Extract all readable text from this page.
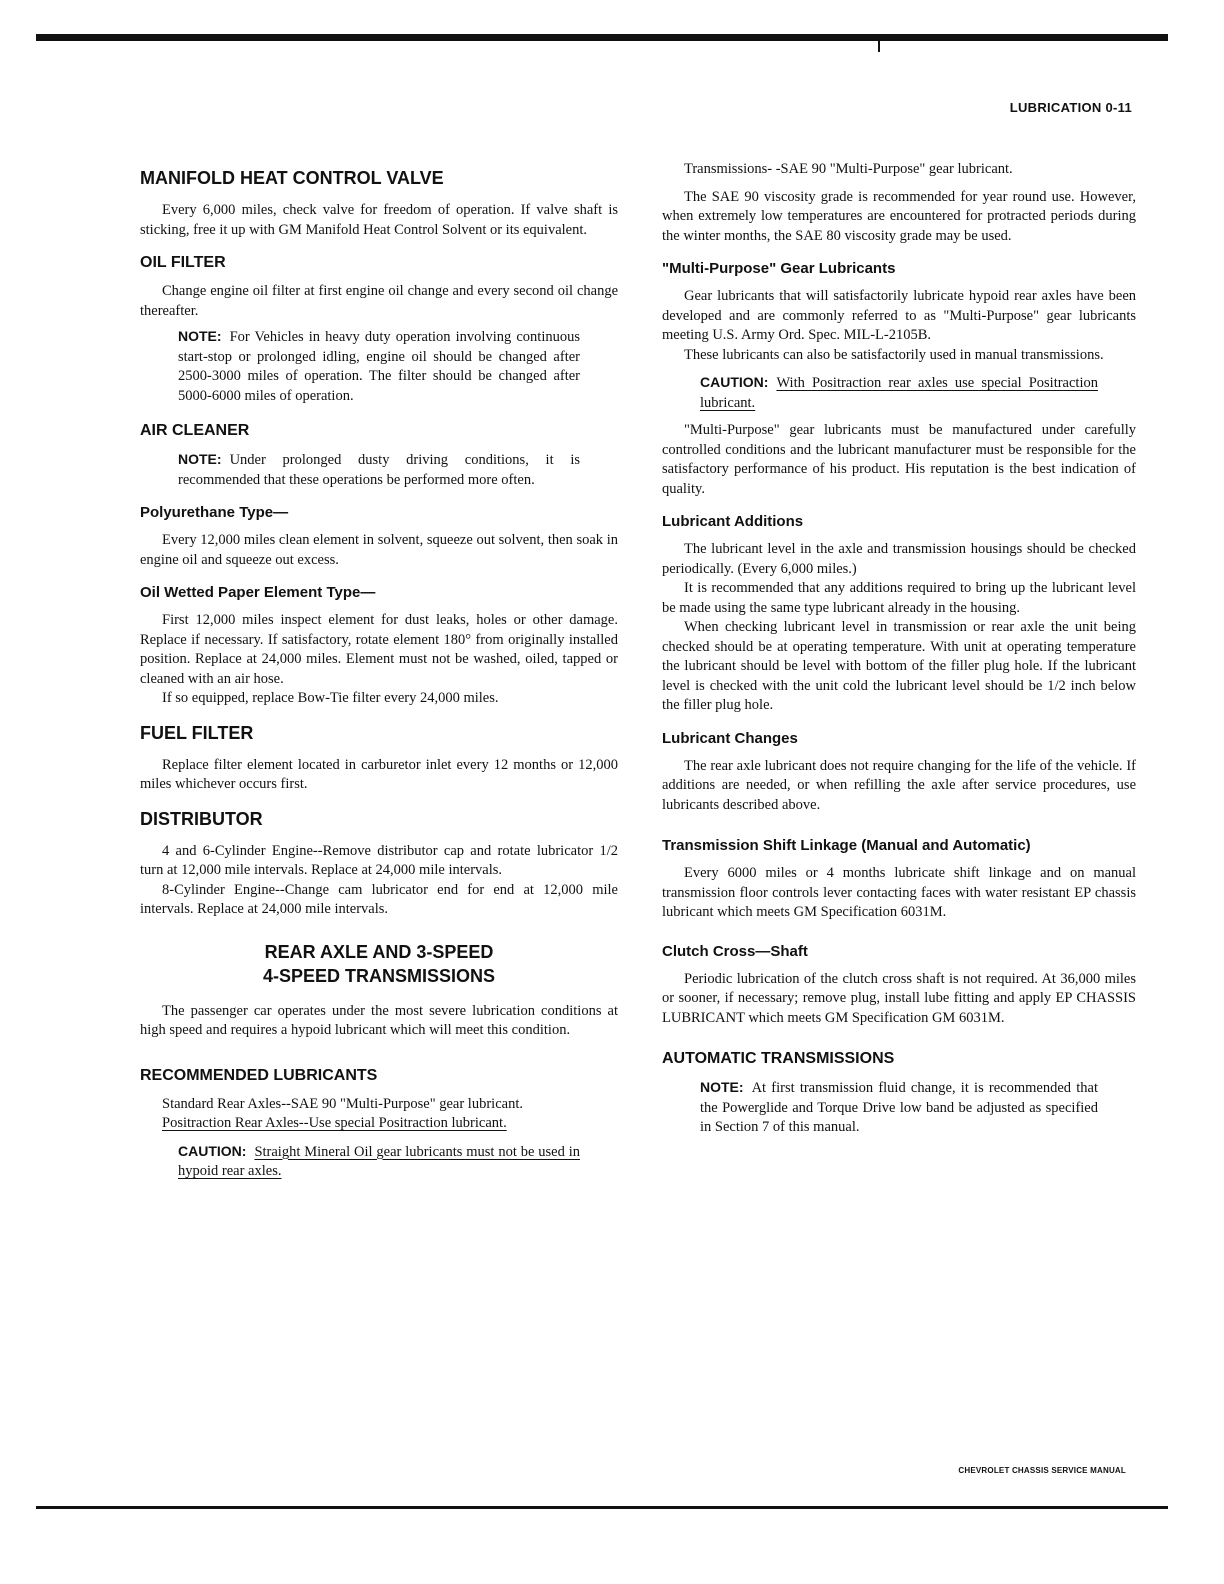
LUBRICATION 0-11
MANIFOLD HEAT CONTROL VALVE

Every 6,000 miles, check valve for freedom of operation. If valve shaft is sticking, free it up with GM Manifold Heat Control Solvent or its equivalent.

OIL FILTER

Change engine oil filter at first engine oil change and every second oil change thereafter.

NOTE: For Vehicles in heavy duty operation involving continuous start-stop or prolonged idling, engine oil should be changed after 2500-3000 miles of operation. The filter should be changed after 5000-6000 miles of operation.

AIR CLEANER

NOTE: Under prolonged dusty driving conditions, it is recommended that these operations be performed more often.

Polyurethane Type—

Every 12,000 miles clean element in solvent, squeeze out solvent, then soak in engine oil and squeeze out excess.

Oil Wetted Paper Element Type—

First 12,000 miles inspect element for dust leaks, holes or other damage. Replace if necessary. If satisfactory, rotate element 180° from originally installed position. Replace at 24,000 miles. Element must not be washed, oiled, tapped or cleaned with an air hose.

If so equipped, replace Bow-Tie filter every 24,000 miles.

FUEL FILTER

Replace filter element located in carburetor inlet every 12 months or 12,000 miles whichever occurs first.

DISTRIBUTOR

4 and 6-Cylinder Engine--Remove distributor cap and rotate lubricator 1/2 turn at 12,000 mile intervals. Replace at 24,000 mile intervals.

8-Cylinder Engine--Change cam lubricator end for end at 12,000 mile intervals. Replace at 24,000 mile intervals.

REAR AXLE AND 3-SPEED
4-SPEED TRANSMISSIONS

The passenger car operates under the most severe lubrication conditions at high speed and requires a hypoid lubricant which will meet this condition.

RECOMMENDED LUBRICANTS

Standard Rear Axles--SAE 90 "Multi-Purpose" gear lubricant.

Positraction Rear Axles--Use special Positraction lubricant.

CAUTION: Straight Mineral Oil gear lubricants must not be used in hypoid rear axles.

Transmissions- -SAE 90 "Multi-Purpose" gear lubricant.

The SAE 90 viscosity grade is recommended for year round use. However, when extremely low temperatures are encountered for protracted periods during the winter months, the SAE 80 viscosity grade may be used.

"Multi-Purpose" Gear Lubricants

Gear lubricants that will satisfactorily lubricate hypoid rear axles have been developed and are commonly referred to as "Multi-Purpose" gear lubricants meeting U.S. Army Ord. Spec. MIL-L-2105B.

These lubricants can also be satisfactorily used in manual transmissions.

CAUTION: With Positraction rear axles use special Positraction lubricant.

"Multi-Purpose" gear lubricants must be manufactured under carefully controlled conditions and the lubricant manufacturer must be responsible for the satisfactory performance of his product. His reputation is the best indication of quality.

Lubricant Additions

The lubricant level in the axle and transmission housings should be checked periodically. (Every 6,000 miles.)

It is recommended that any additions required to bring up the lubricant level be made using the same type lubricant already in the housing.

When checking lubricant level in transmission or rear axle the unit being checked should be at operating temperature. With unit at operating temperature the lubricant should be level with bottom of the filler plug hole. If the lubricant level is checked with the unit cold the lubricant level should be 1/2 inch below the filler plug hole.

Lubricant Changes

The rear axle lubricant does not require changing for the life of the vehicle. If additions are needed, or when refilling the axle after service procedures, use lubricants described above.

Transmission Shift Linkage (Manual and Automatic)

Every 6000 miles or 4 months lubricate shift linkage and on manual transmission floor controls lever contacting faces with water resistant EP chassis lubricant which meets GM Specification 6031M.

Clutch Cross—Shaft

Periodic lubrication of the clutch cross shaft is not required. At 36,000 miles or sooner, if necessary; remove plug, install lube fitting and apply EP CHASSIS LUBRICANT which meets GM Specification GM 6031M.

AUTOMATIC TRANSMISSIONS

NOTE: At first transmission fluid change, it is recommended that the Powerglide and Torque Drive low band be adjusted as specified in Section 7 of this manual.

CHEVROLET CHASSIS SERVICE MANUAL
